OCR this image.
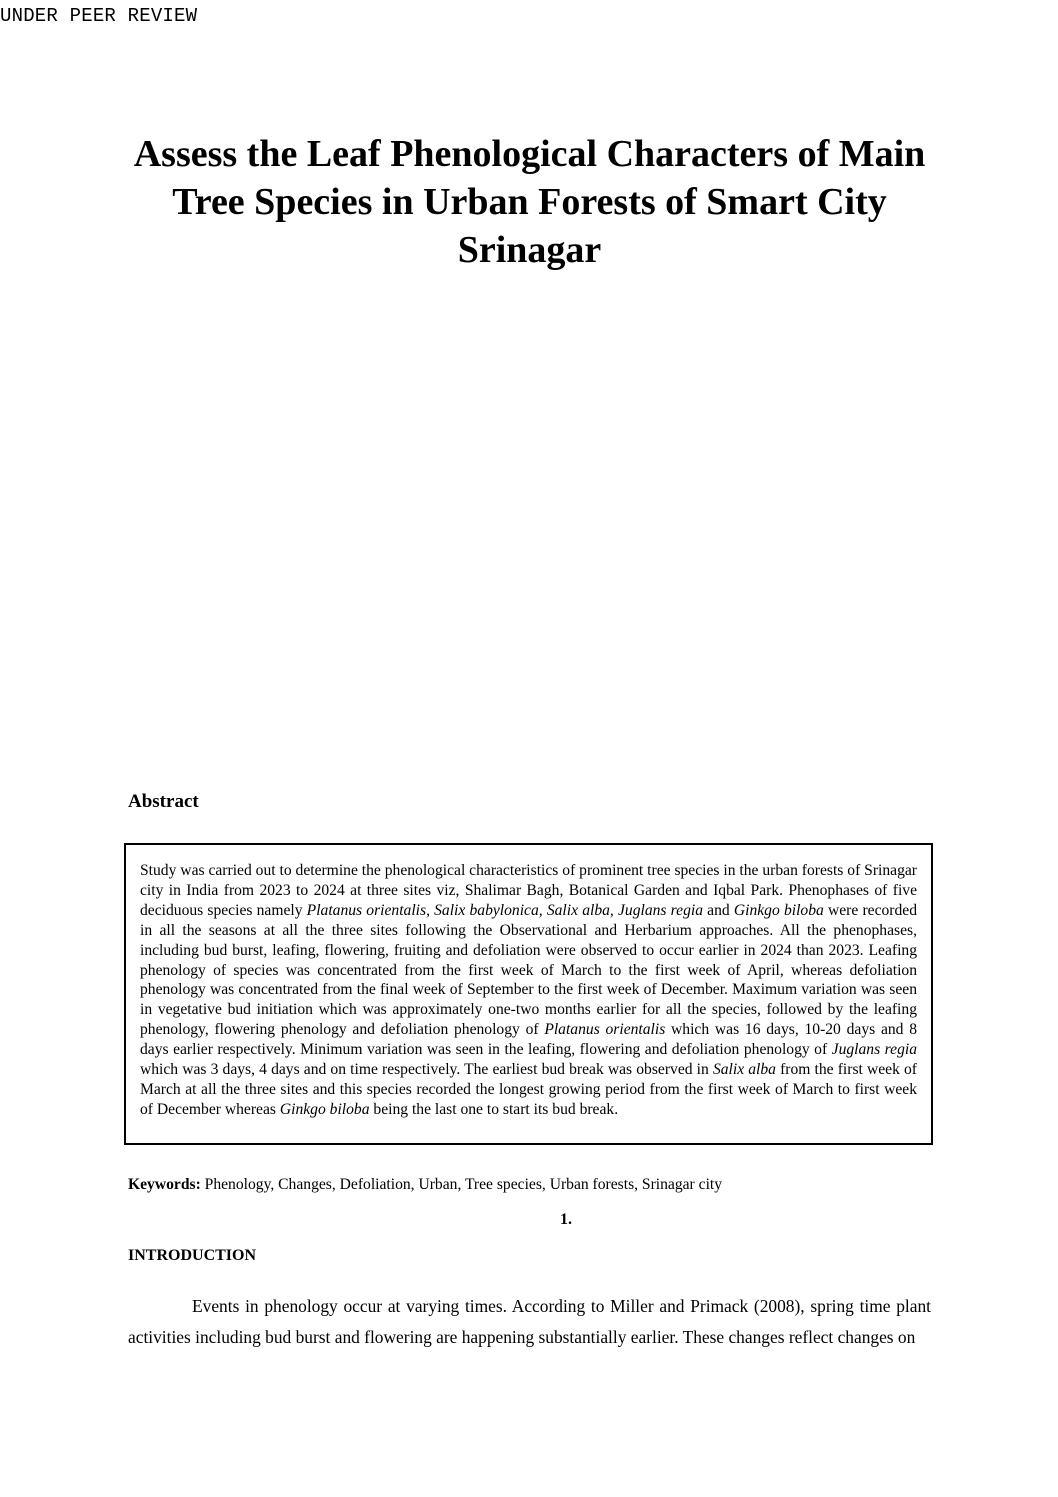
UNDER PEER REVIEW
Assess the Leaf Phenological Characters of Main Tree Species in Urban Forests of Smart City Srinagar
Abstract

Study was carried out to determine the phenological characteristics of prominent tree species in the urban forests of Srinagar city in India from 2023 to 2024 at three sites viz, Shalimar Bagh, Botanical Garden and Iqbal Park. Phenophases of five deciduous species namely Platanus orientalis, Salix babylonica, Salix alba, Juglans regia and Ginkgo biloba were recorded in all the seasons at all the three sites following the Observational and Herbarium approaches. All the phenophases, including bud burst, leafing, flowering, fruiting and defoliation were observed to occur earlier in 2024 than 2023. Leafing phenology of species was concentrated from the first week of March to the first week of April, whereas defoliation phenology was concentrated from the final week of September to the first week of December. Maximum variation was seen in vegetative bud initiation which was approximately one-two months earlier for all the species, followed by the leafing phenology, flowering phenology and defoliation phenology of Platanus orientalis which was 16 days, 10-20 days and 8 days earlier respectively. Minimum variation was seen in the leafing, flowering and defoliation phenology of Juglans regia which was 3 days, 4 days and on time respectively. The earliest bud break was observed in Salix alba from the first week of March at all the three sites and this species recorded the longest growing period from the first week of March to first week of December whereas Ginkgo biloba being the last one to start its bud break.

Keywords: Phenology, Changes, Defoliation, Urban, Tree species, Urban forests, Srinagar city
1.
INTRODUCTION

Events in phenology occur at varying times. According to Miller and Primack (2008), spring time plant activities including bud burst and flowering are happening substantially earlier. These changes reflect changes on
